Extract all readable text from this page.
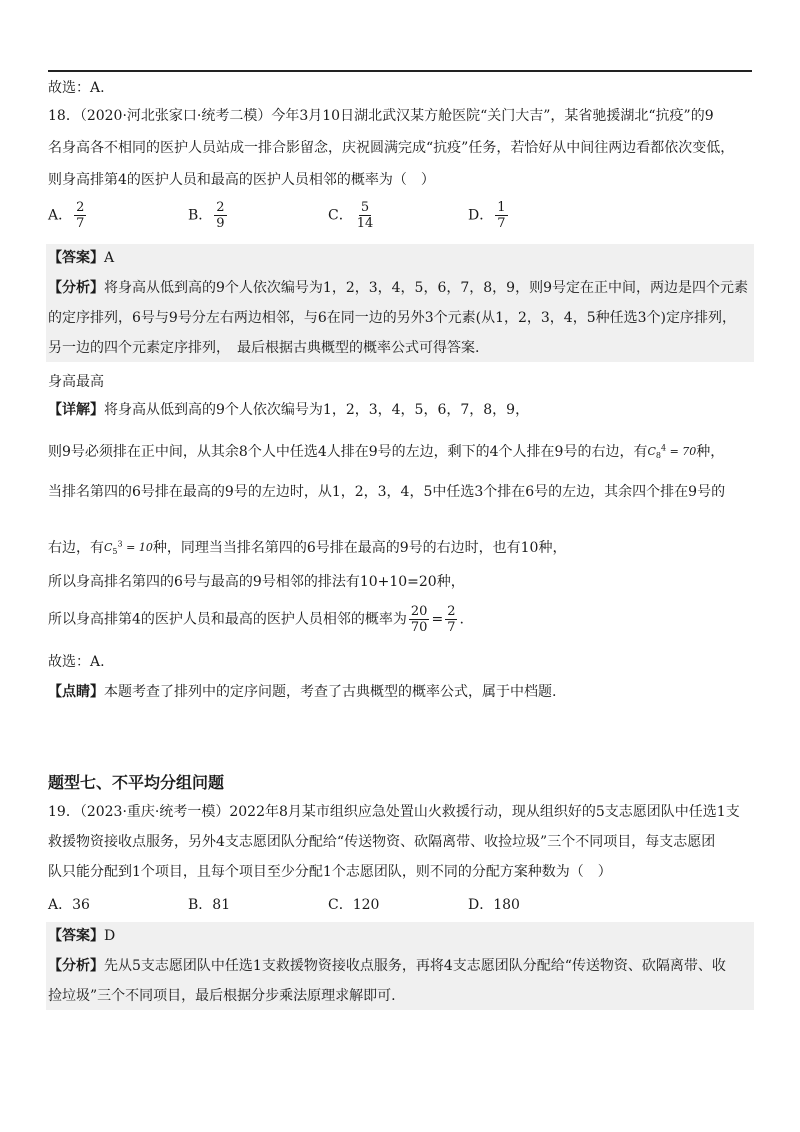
故选：A.
18．（2020·河北张家口·统考二模）今年3月10日湖北武汉某方舱医院“关门大吉”，某省驰援湖北“抗疫”的9
名身高各不相同的医护人员站成一排合影留念，庆祝圆满完成“抗疫”任务，若恰好从中间往两边看都依次变低，
则身高排第4的医护人员和最高的医护人员相邻的概率为（　）
A． $\frac{2}{7}$	B． $\frac{2}{9}$	C． $\frac{5}{14}$	D． $\frac{1}{7}$
【答案】A
【分析】将身高从低到高的9个人依次编号为1，2，3，4，5，6，7，8，9，则9号定在正中间，两边是四个元素
的定序排列，6号与9号分左右两边相邻，与6在同一边的另外3个元素(从1，2，3，4，5种任选3个)定序排列，
另一边的四个元素定序排列，　最后根据古典概型的概率公式可得答案.
身高最高
【详解】将身高从低到高的9个人依次编号为1，2，3，4，5，6，7，8，9，
则9号必须排在正中间，从其余8个人中任选4人排在9号的左边，剩下的4个人排在9号的右边，有$C_8^4 = 70$种，
当排名第四的6号排在最高的9号的左边时，从1，2，3，4，5中任选3个排在6号的左边，其余四个排在9号的
右边，有$C_5^3 = 10$种，同理当当排名第四的6号排在最高的9号的右边时，也有10种，
所以身高排名第四的6号与最高的9号相邻的排法有10+10=20种，
所以身高排第4的医护人员和最高的医护人员相邻的概率为 $\frac{20}{70} = \frac{2}{7}$ .
故选：A.
【点睛】本题考查了排列中的定序问题，考查了古典概型的概率公式，属于中档题.
题型七、不平均分组问题
19．（2023·重庆·统考一模）2022年8月某市组织应急处置山火救援行动，现从组织好的5支志愿团队中任选1支
救援物资接收点服务，另外4支志愿团队分配给“传送物资、砍隔离带、收捡垃圾”三个不同项目，每支志愿团
队只能分配到1个项目，且每个项目至少分配1个志愿团队，则不同的分配方案种数为（　）
A．36	B．81	C．120	D．180
【答案】D
【分析】先从5支志愿团队中任选1支救援物资接收点服务，再将4支志愿团队分配给“传送物资、砍隔离带、收
捡垃圾”三个不同项目，最后根据分步乘法原理求解即可.
